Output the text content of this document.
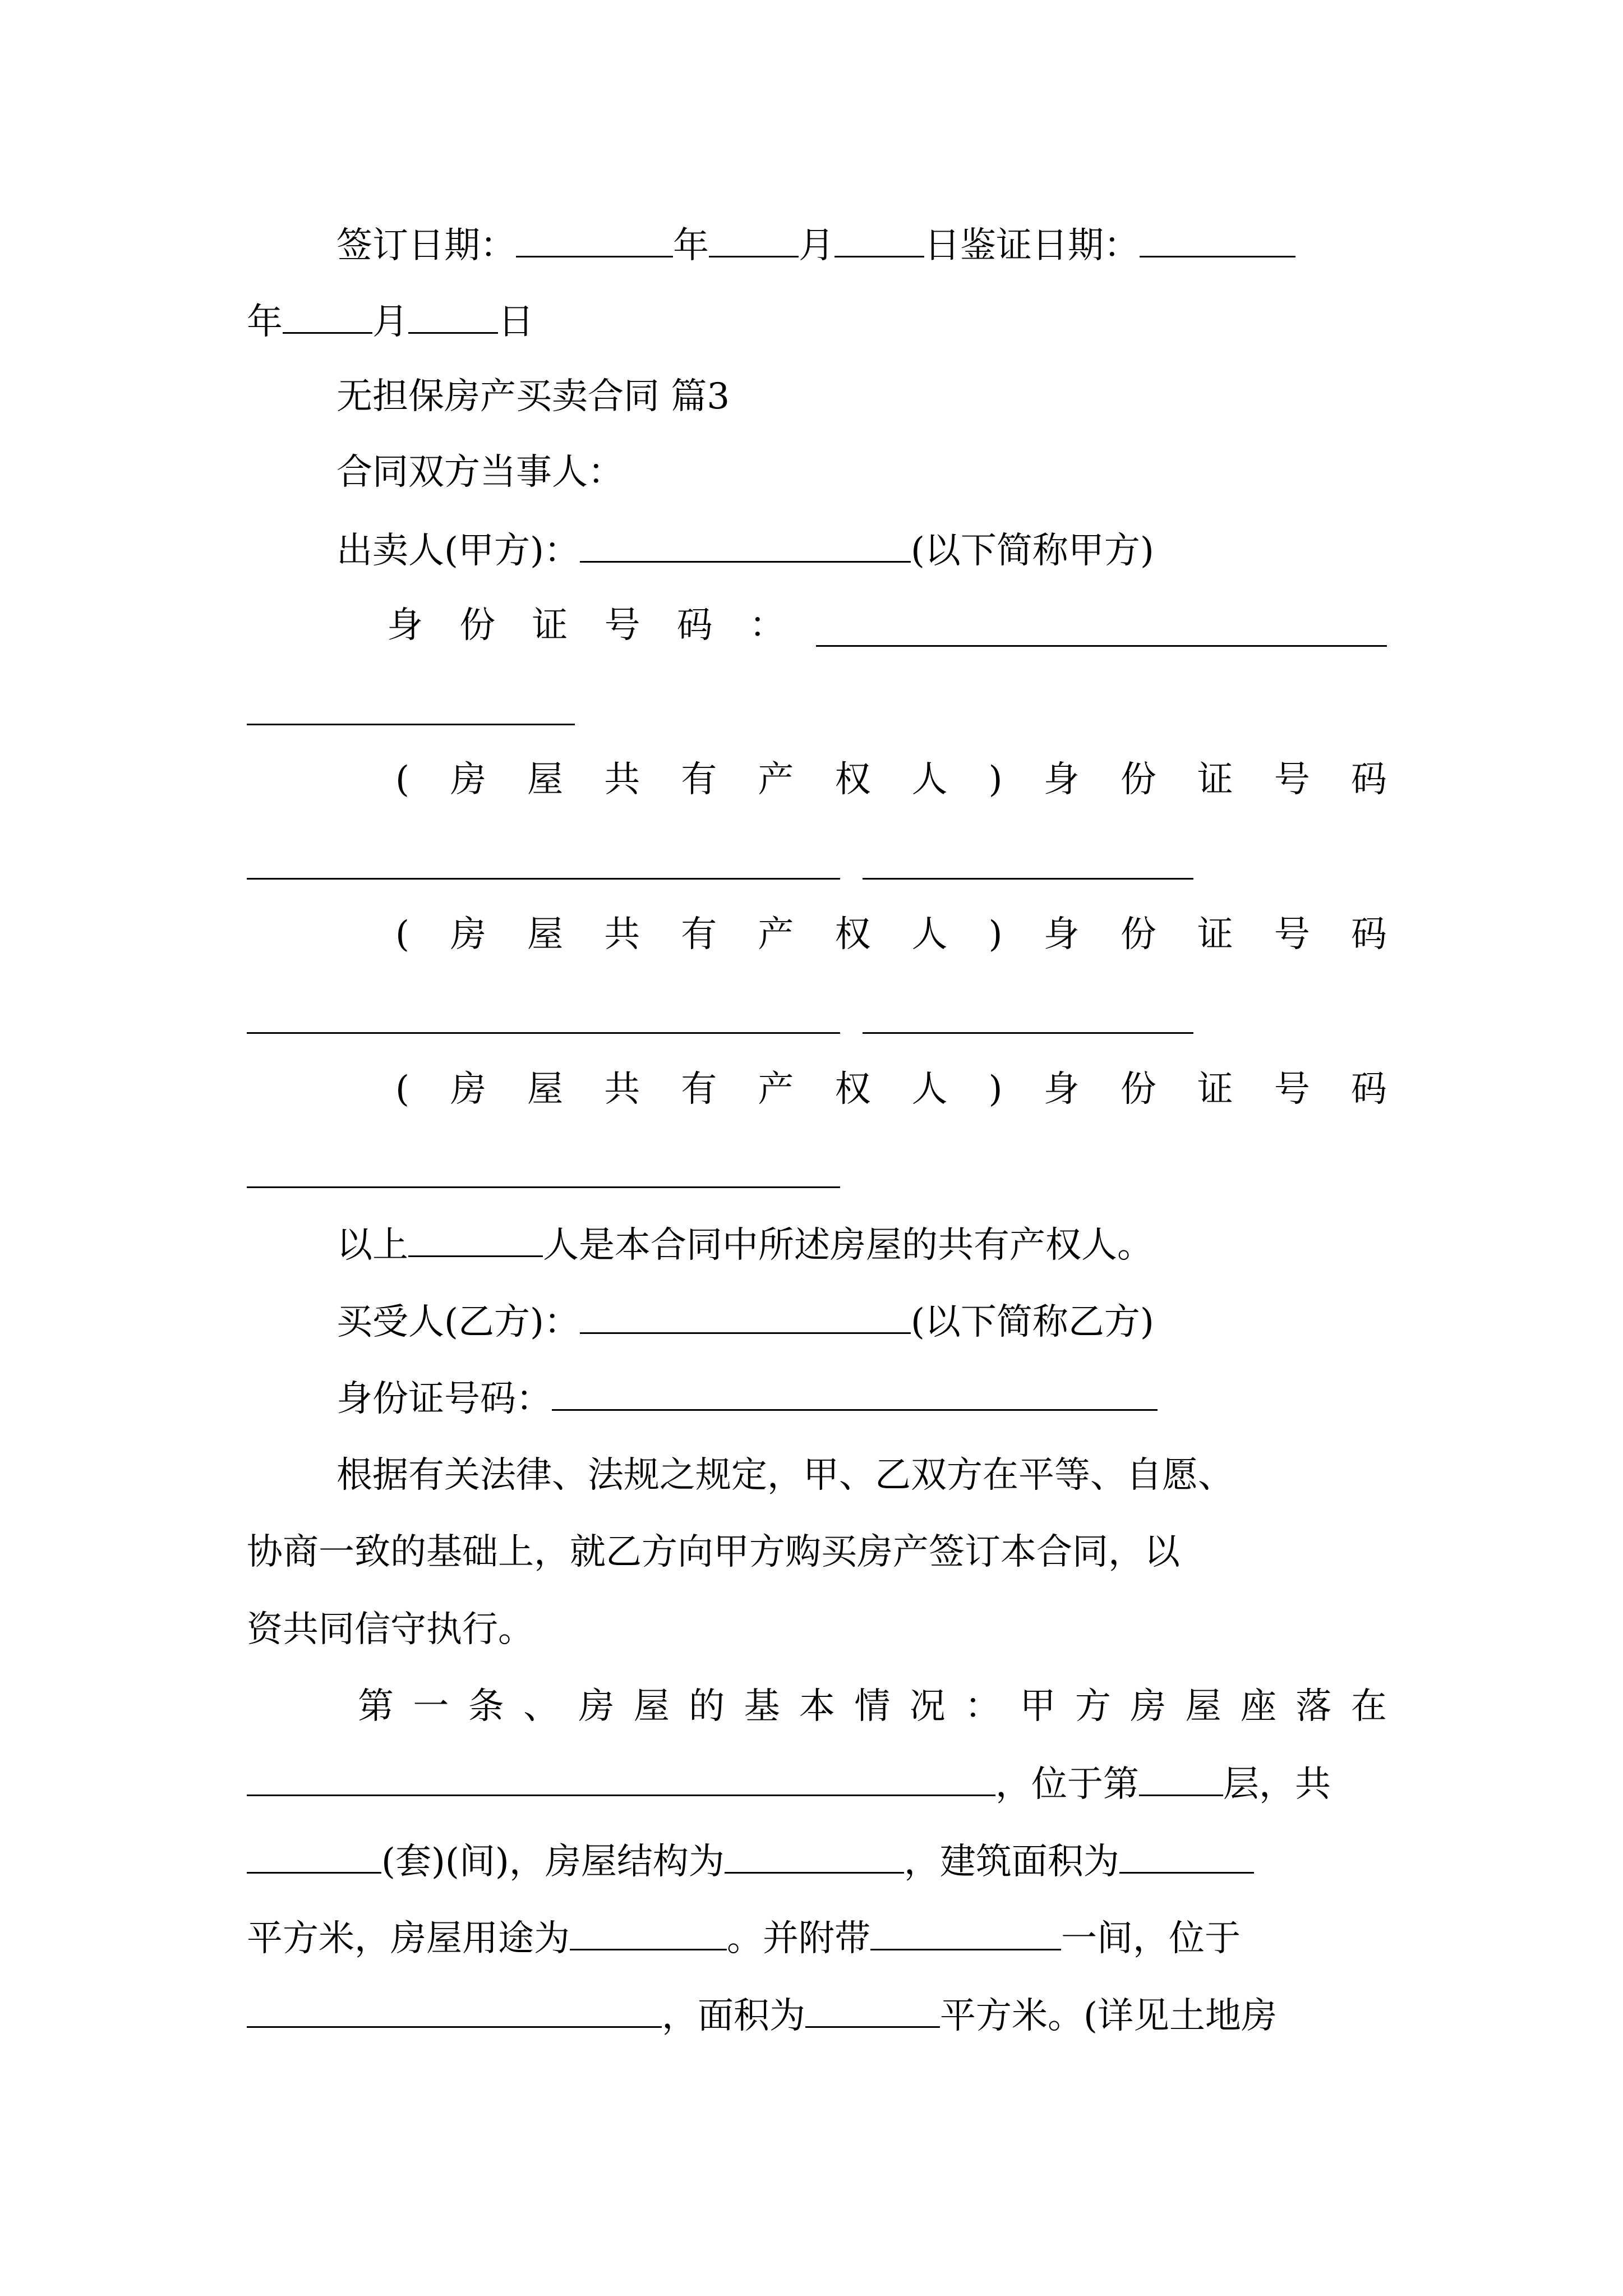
签订日期：	年	月	日鉴证日期：
年	月	日
无担保房产买卖合同 篇3
合同双方当事人：
出卖人(甲方)：	(以下简称甲方)
身 份 证 号 码 ：
( 房 屋 共 有 产 权 人 ) 身 份 证 号 码
( 房 屋 共 有 产 权 人 ) 身 份 证 号 码
( 房 屋 共 有 产 权 人 ) 身 份 证 号 码
以上	人是本合同中所述房屋的共有产权人。
买受人(乙方)：	(以下简称乙方)
身份证号码：
根据有关法律、法规之规定，甲、乙双方在平等、自愿、
协商一致的基础上，就乙方向甲方购买房产签订本合同，以
资共同信守执行。
第 一 条 、 房 屋 的 基 本 情 况 ： 甲 方 房 屋 座 落 在
，位于第 层，共
(套)(间)，房屋结构为	，建筑面积为
平方米，房屋用途为	。并附带	一间，位于
，面积为	平方米。(详见土地房
